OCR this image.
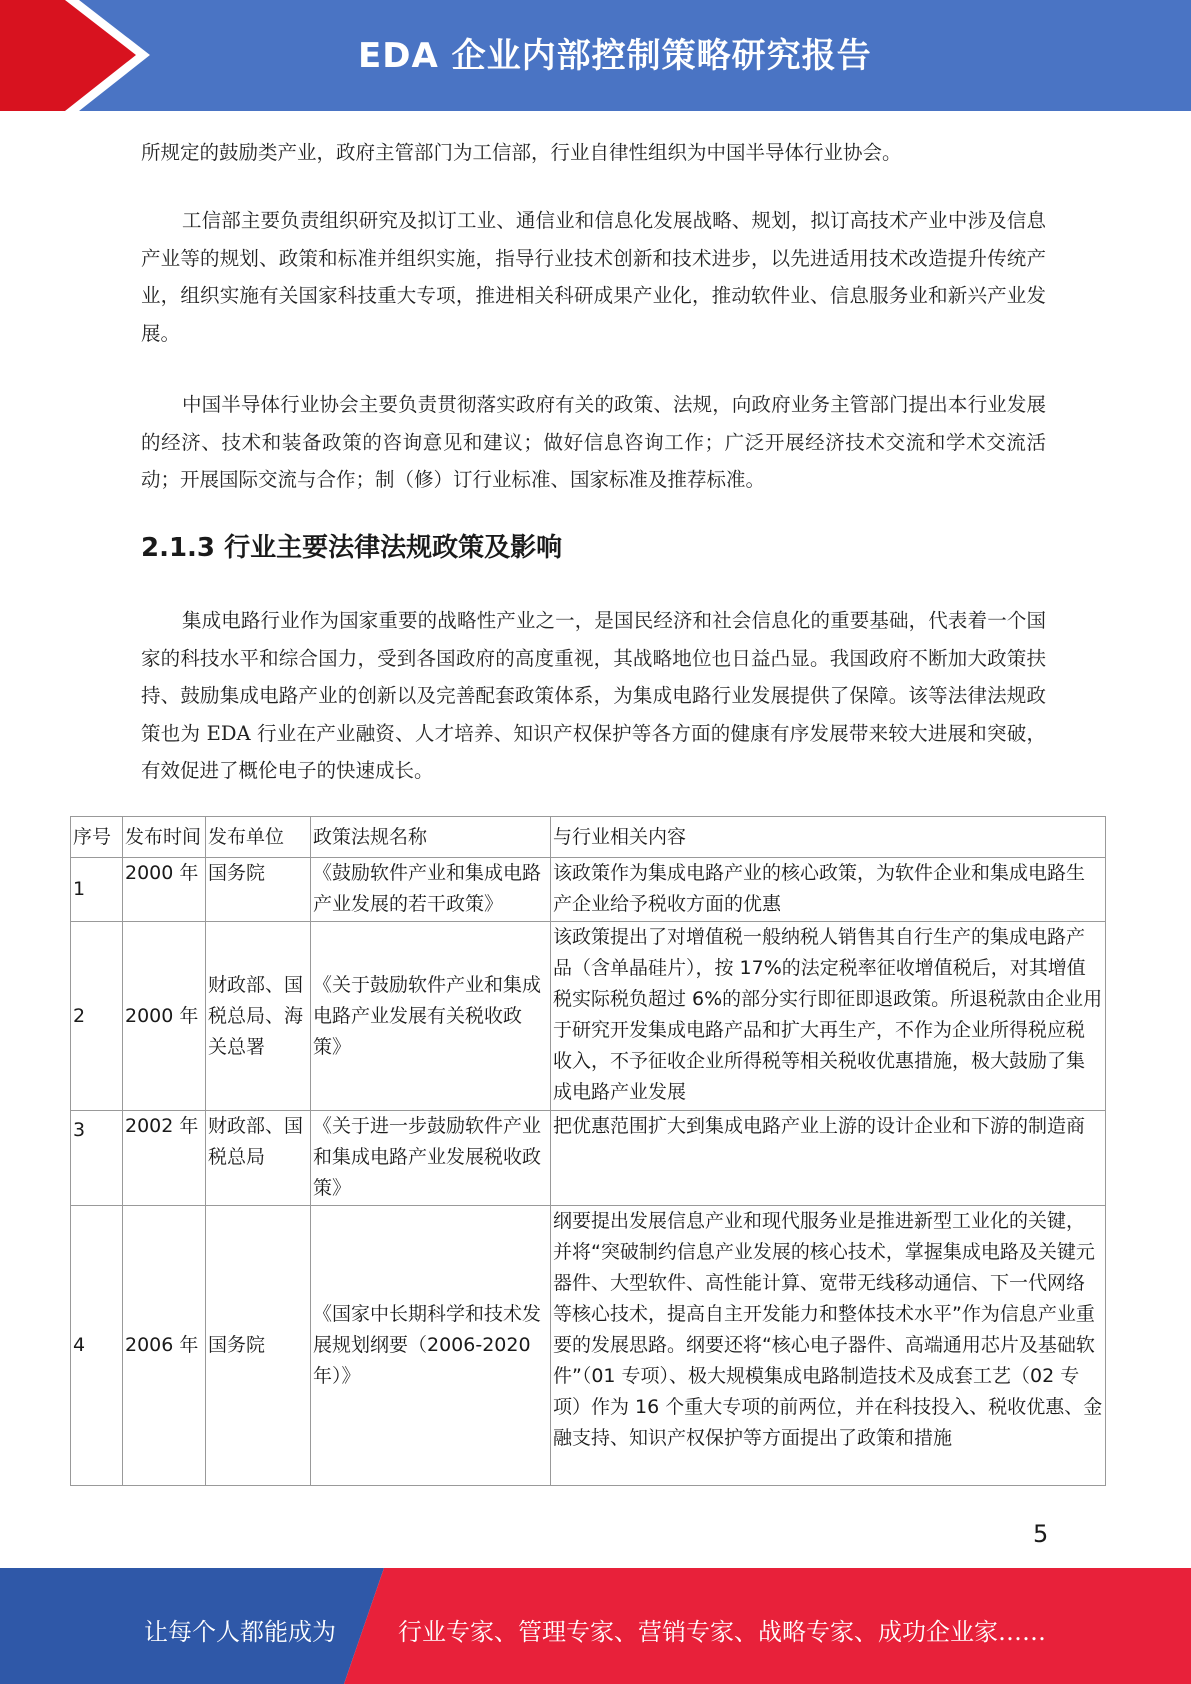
EDA 企业内部控制策略研究报告

所规定的鼓励类产业，政府主管部门为工信部，行业自律性组织为中国半导体行业协会。

工信部主要负责组织研究及拟订工业、通信业和信息化发展战略、规划，拟订高技术产业中涉及信息产业等的规划、政策和标准并组织实施，指导行业技术创新和技术进步，以先进适用技术改造提升传统产业，组织实施有关国家科技重大专项，推进相关科研成果产业化，推动软件业、信息服务业和新兴产业发展。

中国半导体行业协会主要负责贯彻落实政府有关的政策、法规，向政府业务主管部门提出本行业发展的经济、技术和装备政策的咨询意见和建议；做好信息咨询工作；广泛开展经济技术交流和学术交流活动；开展国际交流与合作；制（修）订行业标准、国家标准及推荐标准。

2.1.3 行业主要法律法规政策及影响

集成电路行业作为国家重要的战略性产业之一，是国民经济和社会信息化的重要基础，代表着一个国家的科技水平和综合国力，受到各国政府的高度重视，其战略地位也日益凸显。我国政府不断加大政策扶持、鼓励集成电路产业的创新以及完善配套政策体系，为集成电路行业发展提供了保障。该等法律法规政策也为 EDA 行业在产业融资、人才培养、知识产权保护等各方面的健康有序发展带来较大进展和突破，有效促进了概伦电子的快速成长。

序号	发布时间	发布单位	政策法规名称	与行业相关内容
1	2000 年	国务院	《鼓励软件产业和集成电路产业发展的若干政策》	该政策作为集成电路产业的核心政策，为软件企业和集成电路生产企业给予税收方面的优惠
2	2000 年	财政部、国税总局、海关总署	《关于鼓励软件产业和集成电路产业发展有关税收政策》	该政策提出了对增值税一般纳税人销售其自行生产的集成电路产品（含单晶硅片），按 17%的法定税率征收增值税后，对其增值税实际税负超过 6%的部分实行即征即退政策。所退税款由企业用于研究开发集成电路产品和扩大再生产，不作为企业所得税应税收入，不予征收企业所得税等相关税收优惠措施，极大鼓励了集成电路产业发展
3	2002 年	财政部、国税总局	《关于进一步鼓励软件产业和集成电路产业发展税收政策》	把优惠范围扩大到集成电路产业上游的设计企业和下游的制造商
4	2006 年	国务院	《国家中长期科学和技术发展规划纲要（2006-2020 年）》	纲要提出发展信息产业和现代服务业是推进新型工业化的关键，并将“突破制约信息产业发展的核心技术，掌握集成电路及关键元器件、大型软件、高性能计算、宽带无线移动通信、下一代网络等核心技术，提高自主开发能力和整体技术水平”作为信息产业重要的发展思路。纲要还将“核心电子器件、高端通用芯片及基础软件”（01 专项）、极大规模集成电路制造技术及成套工艺（02 专项）作为 16 个重大专项的前两位，并在科技投入、税收优惠、金融支持、知识产权保护等方面提出了政策和措施
5
让每个人都能成为	行业专家、管理专家、营销专家、战略专家、成功企业家……
